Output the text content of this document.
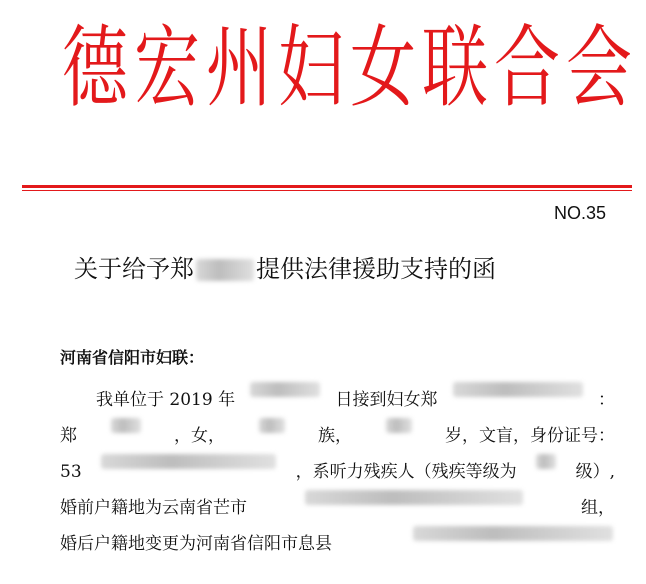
德宏州妇女联合会
NO.35
关于给予郑	提供法律援助支持的函
河南省信阳市妇联：
我单位于 2019 年	日接到妇女郑	：
郑	，女，	族，	岁，文盲，身份证号：
53	，系听力残疾人（残疾等级为	级）,
婚前户籍地为云南省芒市	组，
婚后户籍地变更为河南省信阳市息县
